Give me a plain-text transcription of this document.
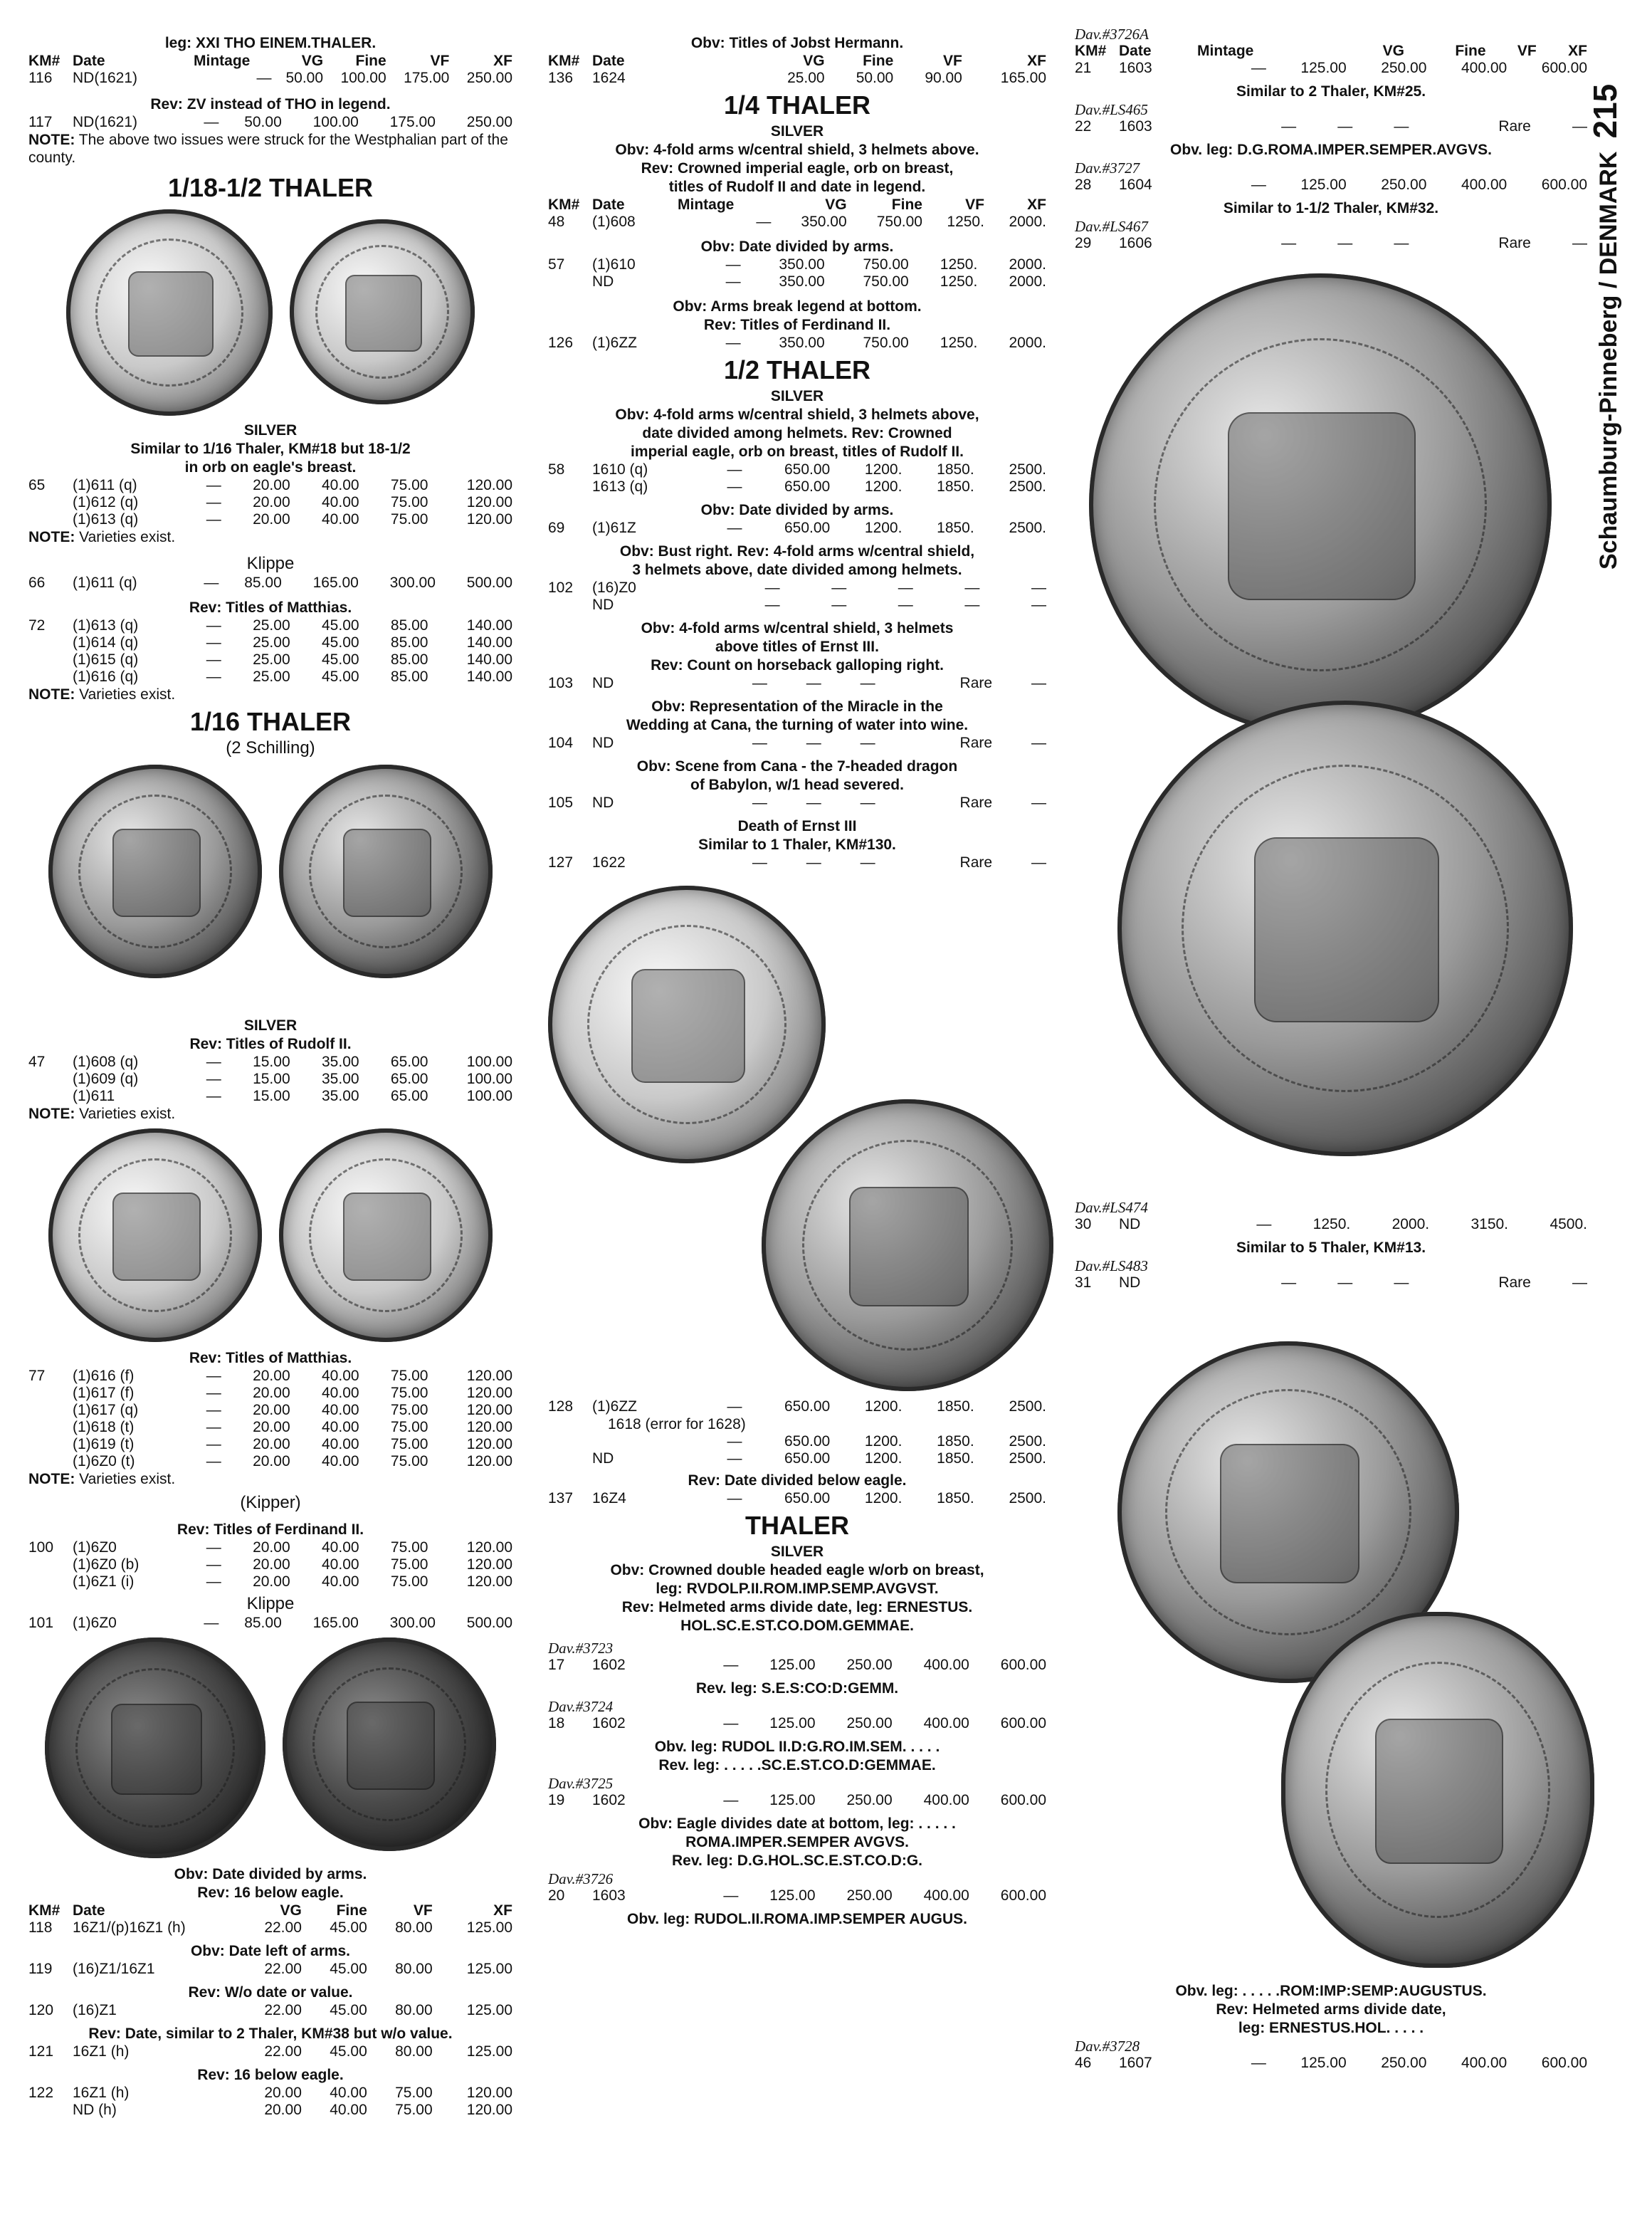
Schaumburg-Pinneberg / DENMARK215
leg: XXI THO EINEM.THALER.
KM#	Date	Mintage	VG	Fine	VF	XF
116	ND(1621)	—	50.00	100.00	175.00	250.00
Rev: ZV instead of THO in legend.
117	ND(1621)	—	50.00	100.00	175.00	250.00
NOTE: The above two issues were struck for the Westphalian part of the county.
1/18-1/2 THALER
SILVER
Similar to 1/16 Thaler, KM#18 but 18-1/2
in orb on eagle's breast.
65	(1)611 (q)	—	20.00	40.00	75.00	120.00
	(1)612 (q)	—	20.00	40.00	75.00	120.00
	(1)613 (q)	—	20.00	40.00	75.00	120.00
NOTE: Varieties exist.
Klippe
66	(1)611 (q)	—	85.00	165.00	300.00	500.00
Rev: Titles of Matthias.
72	(1)613 (q)	—	25.00	45.00	85.00	140.00
	(1)614 (q)	—	25.00	45.00	85.00	140.00
	(1)615 (q)	—	25.00	45.00	85.00	140.00
	(1)616 (q)	—	25.00	45.00	85.00	140.00
NOTE: Varieties exist.
1/16 THALER
(2 Schilling)
SILVER
Rev: Titles of Rudolf II.
47	(1)608 (q)	—	15.00	35.00	65.00	100.00
	(1)609 (q)	—	15.00	35.00	65.00	100.00
	(1)611	—	15.00	35.00	65.00	100.00
NOTE: Varieties exist.
Rev: Titles of Matthias.
77	(1)616 (f)	—	20.00	40.00	75.00	120.00
	(1)617 (f)	—	20.00	40.00	75.00	120.00
	(1)617 (q)	—	20.00	40.00	75.00	120.00
	(1)618 (t)	—	20.00	40.00	75.00	120.00
	(1)619 (t)	—	20.00	40.00	75.00	120.00
	(1)6Z0 (t)	—	20.00	40.00	75.00	120.00
NOTE: Varieties exist.
(Kipper)
Rev: Titles of Ferdinand II.
100	(1)6Z0	—	20.00	40.00	75.00	120.00
	(1)6Z0 (b)	—	20.00	40.00	75.00	120.00
	(1)6Z1 (i)	—	20.00	40.00	75.00	120.00
Klippe
101	(1)6Z0	—	85.00	165.00	300.00	500.00
Obv: Date divided by arms.
Rev: 16 below eagle.
KM#	Date	VG	Fine	VF	XF
118	16Z1/(p)16Z1 (h)	22.00	45.00	80.00	125.00
Obv: Date left of arms.
119	(16)Z1/16Z1	22.00	45.00	80.00	125.00
Rev: W/o date or value.
120	(16)Z1	22.00	45.00	80.00	125.00
Rev: Date, similar to 2 Thaler, KM#38 but w/o value.
121	16Z1 (h)	22.00	45.00	80.00	125.00
Rev: 16 below eagle.
122	16Z1 (h)	20.00	40.00	75.00	120.00
	ND (h)	20.00	40.00	75.00	120.00
Obv: Titles of Jobst Hermann.
KM#	Date	VG	Fine	VF	XF
136	1624	25.00	50.00	90.00	165.00
1/4 THALER
SILVER
Obv: 4-fold arms w/central shield, 3 helmets above.
Rev: Crowned imperial eagle, orb on breast,
titles of Rudolf II and date in legend.
KM#	Date	Mintage	VG	Fine	VF	XF
48	(1)608	—	350.00	750.00	1250.	2000.
Obv: Date divided by arms.
57	(1)610	—	350.00	750.00	1250.	2000.
	ND	—	350.00	750.00	1250.	2000.
Obv: Arms break legend at bottom.
Rev: Titles of Ferdinand II.
126	(1)6ZZ	—	350.00	750.00	1250.	2000.
1/2 THALER
SILVER
Obv: 4-fold arms w/central shield, 3 helmets above,
date divided among helmets. Rev: Crowned
imperial eagle, orb on breast, titles of Rudolf II.
58	1610 (q)	—	650.00	1200.	1850.	2500.
	1613 (q)	—	650.00	1200.	1850.	2500.
Obv: Date divided by arms.
69	(1)61Z	—	650.00	1200.	1850.	2500.
Obv: Bust right. Rev: 4-fold arms w/central shield,
3 helmets above, date divided among helmets.
102	(16)Z0	—	—	—	—	—
	ND	—	—	—	—	—
Obv: 4-fold arms w/central shield, 3 helmets
above titles of Ernst III.
Rev: Count on horseback galloping right.
103	ND	—	—	—	Rare	—
Obv: Representation of the Miracle in the
Wedding at Cana, the turning of water into wine.
104	ND	—	—	—	Rare	—
Obv: Scene from Cana - the 7-headed dragon
of Babylon, w/1 head severed.
105	ND	—	—	—	Rare	—
Death of Ernst III
Similar to 1 Thaler, KM#130.
127	1622	—	—	—	Rare	—
128	(1)6ZZ	—	650.00	1200.	1850.	2500.
1618 (error for 1628)
		—	650.00	1200.	1850.	2500.
	ND	—	650.00	1200.	1850.	2500.
Rev: Date divided below eagle.
137	16Z4	—	650.00	1200.	1850.	2500.
THALER
SILVER
Obv: Crowned double headed eagle w/orb on breast,
leg: RVDOLP.II.ROM.IMP.SEMP.AVGVST.
Rev: Helmeted arms divide date, leg: ERNESTUS.
HOL.SC.E.ST.CO.DOM.GEMMAE.
Dav.#3723
17	1602	—	125.00	250.00	400.00	600.00
Rev. leg: S.E.S:CO:D:GEMM.
Dav.#3724
18	1602	—	125.00	250.00	400.00	600.00
Obv. leg: RUDOL II.D:G.RO.IM.SEM. . . . .
Rev. leg: . . . . .SC.E.ST.CO.D:GEMMAE.
Dav.#3725
19	1602	—	125.00	250.00	400.00	600.00
Obv: Eagle divides date at bottom, leg: . . . . .
ROMA.IMPER.SEMPER AVGVS.
Rev. leg: D.G.HOL.SC.E.ST.CO.D:G.
Dav.#3726
20	1603	—	125.00	250.00	400.00	600.00
Obv. leg: RUDOL.II.ROMA.IMP.SEMPER AUGUS.
Dav.#3726A
KM#	Date	Mintage	VG	Fine	VF	XF
21	1603	—	125.00	250.00	400.00	600.00
Similar to 2 Thaler, KM#25.
Dav.#LS465
22	1603	—	—	—	Rare	—
Obv. leg: D.G.ROMA.IMPER.SEMPER.AVGVS.
Dav.#3727
28	1604	—	125.00	250.00	400.00	600.00
Similar to 1-1/2 Thaler, KM#32.
Dav.#LS467
29	1606	—	—	—	Rare	—
Dav.#LS474
30	ND	—	1250.	2000.	3150.	4500.
Similar to 5 Thaler, KM#13.
Dav.#LS483
31	ND	—	—	—	Rare	—
Obv. leg: . . . . .ROM:IMP:SEMP:AUGUSTUS.
Rev: Helmeted arms divide date,
leg: ERNESTUS.HOL. . . . .
Dav.#3728
46	1607	—	125.00	250.00	400.00	600.00
